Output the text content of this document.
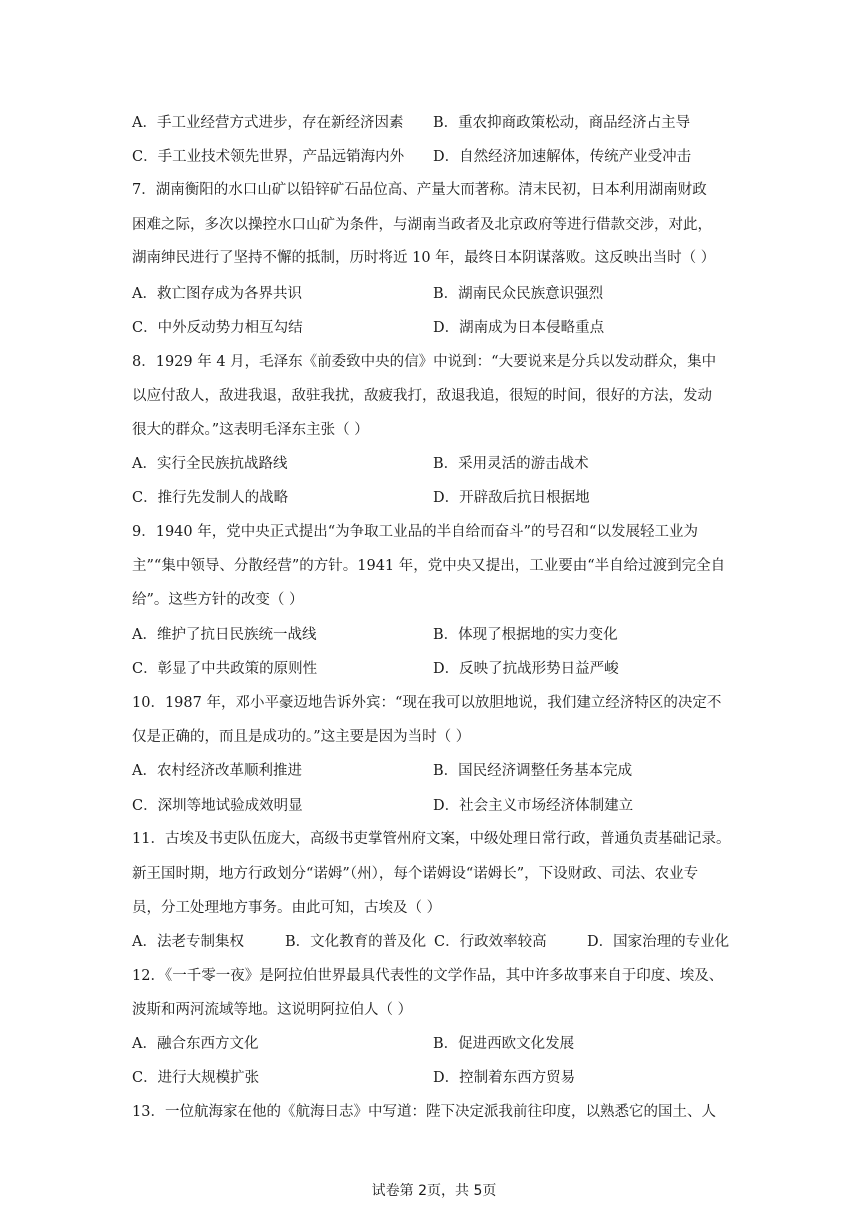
A．手工业经营方式进步，存在新经济因素 B．重农抑商政策松动，商品经济占主导
C．手工业技术领先世界，产品远销海内外 D．自然经济加速解体，传统产业受冲击
7．湖南衡阳的水口山矿以铅锌矿石品位高、产量大而著称。清末民初，日本利用湖南财政
困难之际，多次以操控水口山矿为条件，与湖南当政者及北京政府等进行借款交涉，对此，
湖南绅民进行了坚持不懈的抵制，历时将近 10 年，最终日本阴谋落败。这反映出当时（ ）
A．救亡图存成为各界共识	B．湖南民众民族意识强烈
C．中外反动势力相互勾结	D．湖南成为日本侵略重点
8．1929 年 4 月，毛泽东《前委致中央的信》中说到：“大要说来是分兵以发动群众，集中
以应付敌人，敌进我退，敌驻我扰，敌疲我打，敌退我追，很短的时间，很好的方法，发动
很大的群众。”这表明毛泽东主张（ ）
A．实行全民族抗战路线	B．采用灵活的游击战术
C．推行先发制人的战略	D．开辟敌后抗日根据地
9．1940 年，党中央正式提出“为争取工业品的半自给而奋斗”的号召和“以发展轻工业为
主”“集中领导、分散经营”的方针。1941 年，党中央又提出，工业要由“半自给过渡到完全自
给”。这些方针的改变（ ）
A．维护了抗日民族统一战线	B．体现了根据地的实力变化
C．彰显了中共政策的原则性	D．反映了抗战形势日益严峻
10．1987 年，邓小平豪迈地告诉外宾：“现在我可以放胆地说，我们建立经济特区的决定不
仅是正确的，而且是成功的。”这主要是因为当时（ ）
A．农村经济改革顺利推进	B．国民经济调整任务基本完成
C．深圳等地试验成效明显	D．社会主义市场经济体制建立
11．古埃及书吏队伍庞大，高级书吏掌管州府文案，中级处理日常行政，普通负责基础记录。
新王国时期，地方行政划分“诺姆”（州），每个诺姆设“诺姆长”，下设财政、司法、农业专
员，分工处理地方事务。由此可知，古埃及（ ）
A．法老专制集权	B．文化教育的普及化 C．行政效率较高	D．国家治理的专业化
12．《一千零一夜》是阿拉伯世界最具代表性的文学作品，其中许多故事来自于印度、埃及、
波斯和两河流域等地。这说明阿拉伯人（ ）
A．融合东西方文化	B．促进西欧文化发展
C．进行大规模扩张	D．控制着东西方贸易
13．一位航海家在他的《航海日志》中写道：陛下决定派我前往印度，以熟悉它的国土、人
试卷第 2页，共 5页
